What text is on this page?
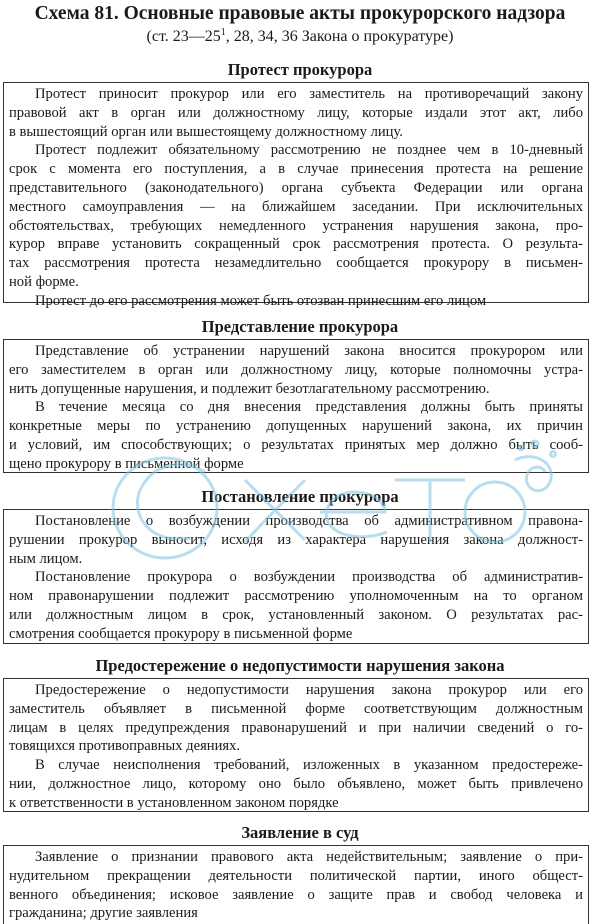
Схема 81. Основные правовые акты прокурорского надзора
(ст. $23—25^1$, 28, 34, 36 Закона о прокуратуре)
Протест прокурора
Протест приносит прокурор или его заместитель на противоречащий закону
правовой акт в орган или должностному лицу, которые издали этот акт, либо
в вышестоящий орган или вышестоящему должностному лицу.
Протест подлежит обязательному рассмотрению не позднее чем в 10-дневный
срок с момента его поступления, а в случае принесения протеста на решение
представительного (законодательного) органа субъекта Федерации или органа
местного самоуправления — на ближайшем заседании. При исключительных
обстоятельствах, требующих немедленного устранения нарушения закона, про-
курор вправе установить сокращенный срок рассмотрения протеста. О результа-
тах рассмотрения протеста незамедлительно сообщается прокурору в письмен-
ной форме.
Протест до его рассмотрения может быть отозван принесшим его лицом
Представление прокурора
Представление об устранении нарушений закона вносится прокурором или
его заместителем в орган или должностному лицу, которые полномочны устра-
нить допущенные нарушения, и подлежит безотлагательному рассмотрению.
В течение месяца со дня внесения представления должны быть приняты
конкретные меры по устранению допущенных нарушений закона, их причин
и условий, им способствующих; о результатах принятых мер должно быть сооб-
щено прокурору в письменной форме
Постановление прокурора
Постановление о возбуждении производства об административном правона-
рушении прокурор выносит, исходя из характера нарушения закона должност-
ным лицом.
Постановление прокурора о возбуждении производства об административ-
ном правонарушении подлежит рассмотрению уполномоченным на то органом
или должностным лицом в срок, установленный законом. О результатах рас-
смотрения сообщается прокурору в письменной форме
Предостережение о недопустимости нарушения закона
Предостережение о недопустимости нарушения закона прокурор или его
заместитель объявляет в письменной форме соответствующим должностным
лицам в целях предупреждения правонарушений и при наличии сведений о го-
товящихся противоправных деяниях.
В случае неисполнения требований, изложенных в указанном предостереже-
нии, должностное лицо, которому оно было объявлено, может быть привлечено
к ответственности в установленном законом порядке
Заявление в суд
Заявление о признании правового акта недействительным; заявление о при-
нудительном прекращении деятельности политической партии, иного общест-
венного объединения; исковое заявление о защите прав и свобод человека и
гражданина; другие заявления
